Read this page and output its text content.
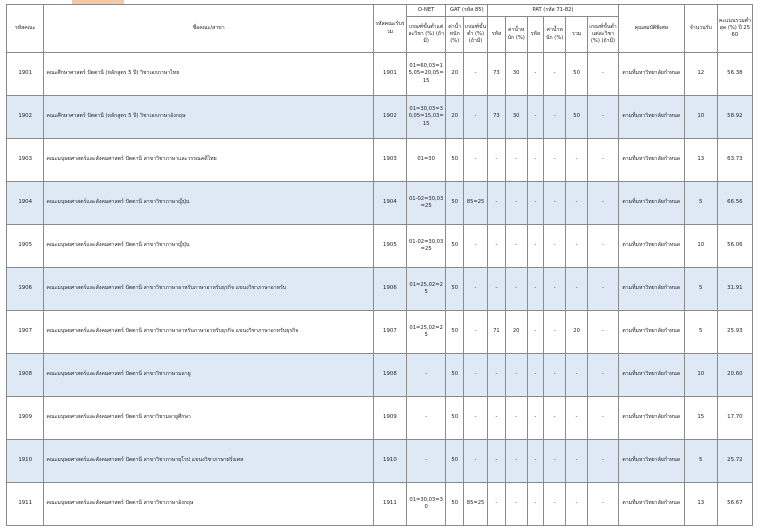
รหัสคณะ	ชื่อคณะ/สาขา	รหัสคณะรับร่วม	O-NET	GAT (รหัส 85)		PAT (รหัส 71-82)						คุณสมบัติพิเศษ	จำนวนรับ	คะแนนรวมต่ำสุด (%) ปี 2560
			เกณฑ์ขั้นต่ำแต่ละวิชา (%) (ถ้ามี)	ค่าน้ำหนัก (%)	เกณฑ์ขั้นต่ำ (%) (ถ้ามี)	รหัส	ค่าน้ำหนัก (%)	รหัส	ค่าน้ำหนัก (%)	รวม	เกณฑ์ขั้นต่ำแต่ละวิชา (%) (ถ้ามี)			
1901	คณะศึกษาศาสตร์ ปัตตานี (หลักสูตร 5 ปี) วิชาเอกภาษาไทย	1901	01=60,03=15,05=20,05=15	20	-	73	30	-	-	50	-	ตามที่มหาวิทยาลัยกำหนด	12	56.38
1902	คณะศึกษาศาสตร์ ปัตตานี (หลักสูตร 5 ปี) วิชาเอกภาษาอังกฤษ	1902	01=30,03=30,05=15,03=15	20	-	73	30	-	-	50	-	ตามที่มหาวิทยาลัยกำหนด	10	58.92
1903	คณะมนุษยศาสตร์และสังคมศาสตร์ ปัตตานี สาขาวิชาภาษาและวรรณคดีไทย	1903	01=30	50	-	-	-	-	-	-	-	ตามที่มหาวิทยาลัยกำหนด	13	63.73
1904	คณะมนุษยศาสตร์และสังคมศาสตร์ ปัตตานี สาขาวิชาภาษาญี่ปุ่น	1904	01-02=30,03=25	50	85=25	-	-	-	-	-	-	ตามที่มหาวิทยาลัยกำหนด	5	66.56
1905	คณะมนุษยศาสตร์และสังคมศาสตร์ ปัตตานี สาขาวิชาภาษาญี่ปุ่น	1905	01-02=30,03=25	50	-	-	-	-	-	-	-	ตามที่มหาวิทยาลัยกำหนด	10	56.06
1906	คณะมนุษยศาสตร์และสังคมศาสตร์ ปัตตานี สาขาวิชาภาษาอาหรับภาษาอาหรับธุรกิจ แขนงวิชาภาษาอาหรับ	1906	01=25,02=25	50	-	-	-	-	-	-	-	ตามที่มหาวิทยาลัยกำหนด	5	31.91
1907	คณะมนุษยศาสตร์และสังคมศาสตร์ ปัตตานี สาขาวิชาภาษาอาหรับภาษาอาหรับธุรกิจ แขนงวิชาภาษาอาหรับธุรกิจ	1907	01=25,02=25	50	-	71	20	-	-	20	-	ตามที่มหาวิทยาลัยกำหนด	5	25.93
1908	คณะมนุษยศาสตร์และสังคมศาสตร์ ปัตตานี สาขาวิชาภาษามลายู	1908	-	50	-	-	-	-	-	-	-	ตามที่มหาวิทยาลัยกำหนด	10	20.60
1909	คณะมนุษยศาสตร์และสังคมศาสตร์ ปัตตานี สาขาวิชามลายูศึกษา	1909	-	50	-	-	-	-	-	-	-	ตามที่มหาวิทยาลัยกำหนด	15	17.70
1910	คณะมนุษยศาสตร์และสังคมศาสตร์ ปัตตานี สาขาวิชาภาษายุโรป แขนงวิชาภาษาฝรั่งเศส	1910	-	50	-	-	-	-	-	-	-	ตามที่มหาวิทยาลัยกำหนด	5	25.72
1911	คณะมนุษยศาสตร์และสังคมศาสตร์ ปัตตานี สาขาวิชาภาษาอังกฤษ	1911	01=30,03=30	50	85=25	-	-	-	-	-	-	ตามที่มหาวิทยาลัยกำหนด	13	56.67
